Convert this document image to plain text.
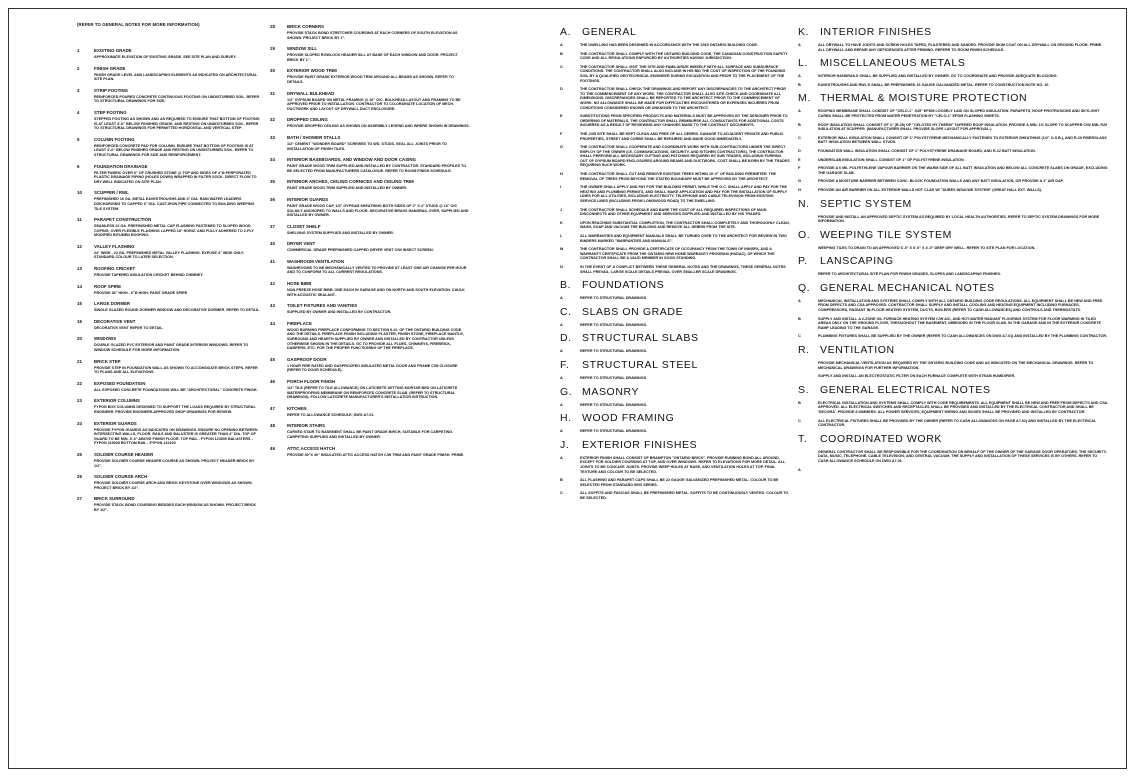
(REFER TO GENERAL NOTES FOR MORE INFORMATION)
1	EXISTING GRADE
APPROXIMATE ELEVATION OF EXISTING GRADE. SEE SITE PLAN AND SURVEY.
2	FINISH GRADE
FINISH GRADE LEVEL AND LANDSCAPING ELEMENTS AS INDICATED ON ARCHITECTURAL SITE PLAN.
3	STRIP FOOTING
REINFORCED POURED CONCRETE CONTINUOUS FOOTING ON UNDISTURBED SOIL. REFER TO STRUCTURAL DRAWINGS FOR SIZE.
4	STEP FOOTING
STEPPED FOOTING AS SHOWN AND AS REQUIRED TO ENSURE THAT BOTTOM OF FOOTING IS AT LEAST 4'-0" BELOW FINISHED GRADE, AND RESTING ON UNDISTURBED SOIL. REFER TO STRUCTURAL DRAWINGS FOR PERMITTED HORIZONTAL AND VERTICAL STEP.
5	COLUMN FOOTING
REINFORCED CONCRETE PAD FOR COLUMN. ENSURE THAT BOTTOM OF FOOTING IS AT LEAST 4'-0" BELOW FINISHED GRADE AND RESTING ON UNDISTURBED SOIL. REFER TO STRUCTURAL DRAWINGS FOR SIZE AND REINFORCEMENT.
6	FOUNDATION DRAINAGE
FILTER FABRIC OVER 6" OF CRUSHED STONE @ TOP AND SIDES OF 4"Ø PERFORATED PLASTIC DRAINAGE PIPING (HOLES DOWN) WRAPPED IN FILTER SOCK. DIRECT FLOW TO DRY WELL INDICATED ON SITE PLAN.
10	SCUPPER / RWL
PREFINISHED 16 GA. METAL EAVESTROUGHS AND 4" DIA. RAIN WATER LEADERS DISCHARGING TO CAPPED 6" DIA. CAST-IRON PIPE CONNECTED TO BUILDING WEEPING TILE SYSTEM.
11	PARAPET CONSTRUCTION
SEAMLESS 22 GA. PREFINISHED METAL CAP FLASHING FASTENED TO SLOPED WOOD COPING, OVER FLEXIBLE FLASHING LAPPED 18" HORIZ. AND FULLY ADHERED TO 2-PLY MODIFIED BITUMEN ROOFING.
12	VALLEY FLASHING
24" WIDE - 22 GA. PREFINISHED METAL VALLEY FLASHING. EXPOSE 4" WIDE ONLY. STANDARD COLOUR TO LATER SELECTION.
13	ROOFING CRICKET
PROVIDE TAPERED INSULATION CRICKET BEHIND CHIMNEY.
14	ROOF SPIRE
PROVIDE 36" HIGH - 6"Ø HIGH, PAINT GRADE SPIRE
15	LARGE DORMER
SINGLE GLAZED ROUND DORMER WINDOW AND DECORATIVE DORMER. REFER TO DETAIL.
16	DECORATIVE VENT
DECORATIVE VENT REFER TO DETAIL.
20	WINDOWS
DOUBLE GLAZED PVC EXTERIOR AND PAINT GRADE INTERIOR WINDOWS. REFER TO WINDOW SCHEDULE FOR MORE INFORMATION.
21	BRICK STEP
PROVIDE STEP IN FOUNDATION WALL AS SHOWN TO ACCOMODATE BRICK STEPS. REFER TO PLANS AND ALL ELEVATIONS.
22	EXPOSED FOUNDATION
ALL EXPOSED CONCRETE FOUNDATIONS WILL BE "ARCHITECTURAL" CONCRETE FINISH.
23	EXTERIOR COLUMNS
FYPON BOX COLUMNS DESIGNED TO SUPPORT THE LOADS REQUIRED BY STRUCTURAL ENGINEER. PROVIDE ENGINEER-APPROVED SHOP DRAWINGS FOR REVIEW.
24	EXTERIOR GUARDS
PROVIDE FYPON GUARDS AS INDICATED ON DRAWINGS. ENSURE NO OPENING BETWEEN INTERSECTING WALLS, FLOOR, RAILS AND BALUSTER IS GREATER THAN 4" DIA. TOP OF GUARD TO BE MIN. 3'-6" ABOVE FINISH FLOOR. TOP RAIL - FYPON 124000 BALUSTERS - FYPON 119928 BOTTOM RAIL - FYPON 124100
25	SOLDIER COURSE HEADER
PROVIDE SOLDIER COURSE HEADER COURSE AS SHOWN. PROJECT HEADER BRICK BY 1/2".
26	SOLDIER COURSE ARCH
PROVIDE SOLDIER COURSE ARCH AND BRICK KEYSTONE OVER WINDOWS AS SHOWN. PROJECT BRICK BY 1/2".
27	BRICK SURROUND
PROVIDE STACK BOND COURSING BESIDES EACH WINDOW AS SHOWN. PROJECT BRICK BY 1/2".
28	BRICK CORNERS
PROVIDE STACK BOND STRETCHER COURSING AT EACH CORNERS OF SOUTH ELEVATION AS SHOWN. PROJECT BRICK BY 1".
29	WINDOW SILL
PROVIDE SLOPED ROWLOCK HEADER SILL AT BASE OF EACH WINDOW AND DOOR. PROJECT BRICK BY 1".
30	EXTERIOR WOOD TRIM
PROVIDE PAINT GRADE EXTERIOR WOOD TRIM AROUND ALL BEAMS AS SHOWN. REFER TO DETAILS.
31	DRYWALL BULKHEAD
1/2" GYPSUM BOARD ON METAL FRAMING @ 16" O/C. BULKHEAD LAYOUT AND FRAMING TO BE APPROVED PRIOR TO INSTALLATION. CONTRACTOR TO CO-ORDINATE LOCATION OF MECH. DUCTWORK AND LAYOUT OF DRYWALL DUCT ENCLOSURE.
32	DROPPED CEILING
PROVIDE DROPPED CEILING AS SHOWN ON ASSEMBLY LEGEND AND WHERE SHOWN IN DRAWINGS.
33	BATH / SHOWER STALLS
1/2" CEMENT "WONDER BOARD" SCREWED TO WD. STUDS. SEAL ALL JOINTS PRIOR TO INSTALLATION OF FINISH TILES.
34	INTERIOR BASEBOARDS, AND WINDOW AND DOOR CASING
PAINT GRADE WOOD TRIM SUPPLIED AND INSTALLED BY CONTRACTOR. STANDARD PROFILES TO BE SELECTED FROM MANUFACTURERS CATALOGUE. REFER TO ROOM FINISH SCHEDULE.
35	INTERIOR ARCHES, CEILING CORNICES AND CEILING TRIM
PAINT GRADE WOOD TRIM SUPPLIED AND INSTALLED BY OWNER.
36	INTERIOR GUARDS
PAINT GRADE WOOD CAP, 1/2" GYPSUM SHEATHING BOTH SIDES OF 2" X 4" STUDS @ 16" O/C SOLIDLY ANCHORED TO WALLS AND FLOOR. DECORATIVE BRASS HANDRAIL OVER, SUPPLIED AND INSTALLED BY OWNER.
37	CLOSET SHELF
SHELVING SYSTEM SUPPLIED AND INSTALLED BY OWNER.
40	DRYER VENT
COMMERCIAL GRADE PREFINISHED CAPPED DRYER VENT C/W INSECT SCREEN.
41	WASHROOM VENTILATION
WASHROOMS TO BE MECHANICALLY VENTED TO PROVIDE AT LEAST ONE AIR CHANGE PER HOUR AND TO CONFORM TO ALL CURRENT REGULATIONS.
42	HOSE BIBB
NON-FREEZE HOSE BIBB. ONE EACH IN GARAGE AND ON NORTH AND SOUTH ELEVATION. CAULK WITH ACOUSTIC SEALANT.
43	TOILET FIXTURES AND VANITIES
SUPPLIED BY OWNER AND INSTALLED BY CONTRACTOR.
44	FIREPLACE
WOOD BURNING FIREPLACE CONFORMING TO SECTION 9.22. OF THE ONTARIO BUILDING CODE AND THE DETAILS. FIREPLACE FINISH INCLUDING PLASTER, FINISH STONE, FIREPLACE MANTLE, SURROUND AND HEARTH SUPPLIED BY OWNER AND INSTALLED BY CONTRACTOR UNLESS OTHERWISE SHOWN IN THE DETAILS. GC TO PROVIDE ALL FLUES, CHIMNEYS, FIREBRICK, DAMPERS, ETC. FOR THE PROPER FUNCTIONING OF THE FIREPLACE.
45	GASPROOF DOOR
1 HOUR FIRE RATED AND GASPROOFED INSULATED METAL DOOR AND FRAME C/W CLOSURE (REFER TO DOOR SCHEDULE).
46	PORCH FLOOR FINISH
1/2" TILE (REFER TO TILE ALLOWANCE) ON LATICRETE SETTING MORTAR BED ON LATICRETE WATERPROOFING MEMBRANE ON REINFORCED CONCRETE SLAB. (REFER TO STRUCTURAL DRAWINGS). FOLLOW LATICRETE MANUFACTURER'S INSTALLATION INSTRUCTION.
47	KITCHEN
REFER TO ALLOWANCE SCHEDULE, DWG A7.01.
48	INTERIOR STAIRS
CURVED STAIR TO BASEMENT SHALL BE PAINT GRADE BIRCH, SUITABLE FOR CARPETING. CARPETING SUPPLIED AND INSTALLED BY OWNER.
49	ATTIC ACCESS HATCH
PROVIDE 30"X 30" INSULATED ATTIC ACCESS HATCH C/W TRIM AND PAINT GRADE FINISH. PRIME.
A. GENERAL
A	THE DWELLING HAS BEEN DESIGNED IN ACCORDANCE WITH THE 2015 ONTARIO BUILDING CODE.
B	THE CONTRACTOR SHALL COMPLY WITH THE ONTARIO BUILDING CODE, THE CANADIAN CONSTRUCTION SAFETY CODE AND ALL REGULATIONS ENFORCED BY AUTHORITIES HAVING JURISDICTION.
C	THE CONTRACTOR SHALL VISIT THE SITE AND FAMILIARIZE HIMSELF WITH ALL SURFACE AND SUBSURFACE CONDITIONS. THE CONTRACTOR SHALL ALSO INCLUDE IN HIS BID THE COST OF INSPECTION OF THE FOUNDING SOIL BY A QUALIFIED GEOTECHNICAL ENGINEER DURING EXCAVATION AND PRIOR TO THE PLACEMENT OF THE FOOTINGS.
D	THE CONTRACTOR SHALL CHECK THE DRAWINGS AND REPORT ANY DISCREPANCIES TO THE ARCHITECT PRIOR TO THE COMMENCEMENT OF ANY WORK. THE CONTRACTOR SHALL ALSO SITE CHECK AND COORDINATE ALL DIMENSIONS. DISCREPANCIES SHALL BE REPORTED TO THE ARCHITECT PRIOR TO THE COMMENCEMENT OF WORK. NO ALLOWANCE SHALL BE MADE FOR DIFFICULTIES ENCOUNTERED OR EXPENSES INCURRED FROM CONDITIONS CONSIDERED KNOWN OR UNKNOWN TO THE ARCHITECT.
E	SUBSTITUTIONS FROM SPECIFIED PRODUCTS AND MATERIALS MUST BE APPROVED BY THE DESIGNER PRIOR TO ORDERING OF MATERIALS. THE CONTRACTOR SHALL REIMBURSE ALL CONSULTANTS FOR ADDITIONAL COSTS INCURRED AS A RESULT OF REVIEWING ANY CHANGES MADE TO THE CONTRACT DOCUMENTS.
F	THE JOB SITE SHALL BE KEPT CLEAN AND FREE OF ALL DEBRIS. DAMAGE TO ADJACENT PRIVATE AND PUBLIC PROPERTIES, STREET AND CURBS SHALL BE REPAIRED AND MADE GOOD IMMEDIATELY.
G	THE CONTRACTOR SHALL COOPERATE AND COORDINATE WORK WITH SUB-CONTRACTORS UNDER THE DIRECT EMPLOY OF THE OWNER (I.E. COMMUNICATIONS, SECURITY, AND KITCHEN CONTRACTORS). THE CONTRACTOR SHALL PERFORM ALL NECESSARY CUTTING AND PATCHING REQUIRED BY SUB TRADES, INCLUDING FURRING OUT OF GYPSUM BOARD ENCLOSURES AROUND BEAMS AND DUCTWORK. COST SHALL BE BORN BY THE TRADES REQUIRING SUCH WORK.
H	THE CONTRACTOR SHALL CUT AND REMOVE EXISTING TREES WITHIN 10'-0" OF BUILDING PERIMETER. THE REMOVAL OF TREES FROM BEYOND THE STATED BOUNDARY MUST BE APPROVED BY THE ARCHITECT.
I	THE OWNER SHALL APPLY AND PAY FOR THE BUILDING PERMIT, WHILE THE G.C. SHALL APPLY AND PAY FOR THE HEATING AND PLUMBING PERMITS, AND SHALL MAKE APPLICATION AND PAY FOR THE INSTALLATION OF SUPPLY LINES FOR ALL UTILITIES, INCLUDING ELECTRICITY, TELEPHONE AND CABLE TELEVISION FROM EXISTING SERVICE LINES (INCLUDING FROM LONGWOOD ROAD) TO THE DWELLING.
J	THE CONTRACTOR SHALL SCHEDULE AND BARE THE COST OF ALL REQUIRED INSPECTIONS OF MAIN DISCONNECTS AND OTHER EQUIPMENT AND SERVICES SUPPLIED AND INSTALLED BY HIS TRADES.
K	UPON REACHING SUBSTANTIAL COMPLETION, THE CONTRACTOR SHALL COMPLETELY AND THOROUGHLY CLEAN, WASH, SOAP AND VACUUM THE BUILDING AND REMOVE ALL DEBRIS FROM THE SITE.
L	ALL WARRANTIES AND EQUIPMENT MANUALS SHALL BE TURNED OVER TO THE ARCHITECT FOR REVIEW IN TWO BINDERS MARKED "WARRANTIES AND MANUALS".
M	THE CONTRACTOR SHALL PROVIDE A CERTIFICATE OF OCCUPANCY FROM THE TOWN OF INNISFIL AND A WARRANTY CERTIFICATE FROM THE ONTARIO NEW HOME WARRANTY PROGRAM (HUDAC), OF WHICH THE CONTRACTOR SHALL BE A VALID MEMBER IN GOOD STANDING.
N	IN THE EVENT OF A CONFLICT BETWEEN THESE GENERAL NOTES AND THE DRAWINGS, THESE GENERAL NOTES SHALL PREVAIL. LARGE SCALE DETAILS PREVAIL OVER SMALLER SCALE DRAWINGS.
B. FOUNDATIONS
A	REFER TO STRUCTURAL DRAWINGS.
C. SLABS ON GRADE
A	REFER TO STRUCTURAL DRAWINGS.
D. STRUCTURAL SLABS
A	REFER TO STRUCTURAL DRAWINGS.
F. STRUCTURAL STEEL
A	REFER TO STRUCTURAL DRAWINGS.
G. MASONRY
A	REFER TO STRUCTURAL DRAWINGS.
H. WOOD FRAMING
A	REFER TO STRUCTURAL DRAWINGS.
J. EXTERIOR FINISHES
A	EXTERIOR FINISH SHALL CONSIST OF BRAMPTON "ONTARIO BRICK". PROVIDE RUNNING BOND ALL AROUND, EXCEPT FOR SOLDIER COURSING AT TOP, AND OVER WINDOWS. REFER TO ELEVATIONS FOR MORE DETAIL. ALL JOINTS TO BE CONCAVE JOINTS. PROVIDE WEEP HOLES AT BASE, AND VENTILATION HOLES AT TOP. FINAL TEXTURE AND COLOUR TO BE SELECTED.
B	ALL FLASHING AND PARAPET CAPS SHALL BE 22 GAUGE GALVANIZED PREFINISHED METAL. COLOUR TO BE SELECTED FROM STANDARD 5000 SERIES.
C	ALL SOFFITS AND FASCIAS SHALL BE PREFINISHED METAL. SOFFITS TO BE CONTINUOUSLY VENTED. COLOUR TO BE SELECTED.
K. INTERIOR FINISHES
A	ALL DRYWALL TO HAVE JOINTS AND SCREW HOLES TAPED, PLASTERED AND SANDED. PROVIDE SKIM COAT ON ALL DRYWALL ON GROUND FLOOR. PRIME ALL DRYWALL AND REPAIR ANY DEFICIENCIES AFTER PRIMING. REFERR TO ROOM FINISH SCHEDULE.
L. MISCELLANEOUS METALS
A	INTERIOR HANDRAILS SHALL BE SUPPLIED AND INSTALLED BY OWNER. GC TO COORDINATE AND PROVIDE ADEQUATE BLOCKING.
B	EAVESTROUGHS AND RWL'S SHALL BE PREFINISHED 16 GAUGE GALVANIZED METAL. REFER TO CONSTRUCTION NOTE NO. 10.
M. THERMAL & MOISTURE PROTECTION
A	ROOFING MEMBRANE SHALL CONSIST OF "CELO-1" .045" EPDM LOOSELY LAID ON SLOPED INSULATION. PARAPETS, ROOF PROTRUSIONS AND SKYLIGHT CURBS SHALL BE PROTECTED FROM WATER PENETRATION BY "CELO-1" EPDM FLASHING SHEETS.
B	ROOF INSULATION SHALL CONSIST OF 4" (R-28) OF "CELOTEX HY-THERM" TAPERED ROOF INSULATION. PROVIDE A MIN. 1% SLOPE TO SCUPPER C/W MIN. R20 INSULATION AT SCUPPER. (MANUFACTURER SHALL PROVIDE SLOPE LAYOUT FOR APPROVAL.)
C	EXTERIOR WALL INSULATION SHALL CONSIST OF 1" POLYSTYRENE MECHANICALLY FASTENED TO EXTERIOR SHEATHING (1/2" O.S.B.), AND R-20 FIBERGLASS BATT INSULATION BETWEEN WALL STUDS.
D	FOUNDATION WALL INSULATION SHALL CONSIST OF 1" POLYSTYRENE DRAINAGE BOARD, AND R-12 BATT INSULATION.
E	UNDERSLAB INSULATION SHALL CONSIST OF 1" OF POLYSTYRENE INSULATION .
F	PROVIDE A 6 MIL POLYETHLENE VAPOUR BARRIER ON THE WARM SIDE OF ALL BATT INSULATION AND BELOW ALL CONCRETE SLABS ON GRADE, EXCLUDING THE GARAGE SLAB.
G	PROVIDE A MOISTURE BARRIER BETWEEN CONC. BLOCK FOUNDATION WALLS AND ANY BATT INSULATION, OR PROVIDE A 1" AIR GAP.
H	PROVIDE AN AIR BARRIER ON ALL EXTERIOR WALLS NOT CLAD W/ "DUREX INSULWE SYSTEM" (GREAT HALL EXT. WALLS).
N. SEPTIC SYSTEM
PROVIDE AND INSTALL AN APPROVED SEPTIC SYSTEM AS REQUIRED BY LOCAL HEALTH AUTHORITIES. REFER TO SEPTIC SYSTEM DRAWINGS FOR MORE INFORMATION.
O. WEEPING TILE SYSTEM
WEEPING TILES TO DRAIN TO AN APPROVED 6'-0" X 6'-0" X 4'-0" DEEP DRY WELL. REFER TO SITE PLAN FOR LOCATION.
P. LANSCAPING
REFER TO ARCHITECTURAL SITE PLAN FOR FINISH GRADES, SLOPES AND LANDSCAPING FINISHES.
Q. GENERAL MECHANICAL NOTES
A	MECHANICAL INSTALLATION AND SYSTEMS SHALL COMPLY WITH ALL ONTARIO BUILDING CODE REGULATIONS. ALL EQUIPMENT SHALL BE NEW AND FREE FROM DEFECTS AND CSA APPROVED. CONTRACTOR SHALL SUPPLY AND INSTALL COOLING AND HEATING EQUIPMENT INCLUDING FURNACES, COMPRESSORS, RADIANT IN-FLOOR HEATING SYSTEM, DUCTS, BOILERS (REFER TO CASH ALLOWANCES) AND CONTROLS AND THERMOSTATS.
B	SUPPLY AND INSTALL A 2-ZONE OIL FURNACE HEATING SYSTEM C/W A/C, AND HOT-WATER RADIANT FLOORING SYSTEM FOR FLOOR WARMING IN TILED AREAS ONLY ON THE GROUND FLOOR, THROUGHOUT THE BASEMENT, IMBEDDED IN THE FLOOR SLAB, IN THE GARAGE AND IN THE EXTERIOR CONCRETE RAMP LEADING TO THE GARAGE.
C	PLUMBING FIXTURES SHALL BE SUPPLIED BY THE OWNER (REFER TO CASH ALLOWANCES ON DWG A7.01) AND INSTALLED BY THE PLUMBING CONTRACTOR.
R. VENTILATION
PROVIDE MECHANICAL VENTILATION AS REQUIRED BY THE ONTARIO BUILDING CODE AND AS INDICATED ON THE MECHANICAL DRAWINGS. REFER TO MECHANICAL DRAWINGS FOR FURTHER INFORMATION.
SUPPLY AND INSTALL AN ELECTROSTATIC FILTER ON EACH FURNACE COMPLETE WITH STEAM HUMIDIFIER.
S. GENERAL ELECTRICAL NOTES
B	ELECTRICAL INSTALLATION AND SYSTEMS SHALL COMPLY WITH CODE REQUIREMENTS. ALL EQUIPMENT SHALL BE NEW AND FREE FROM DEFECTS AND CSA APPROVED. ALL ELECTRICAL SWITCHES AND RECEPTACLES SHALL BE PROVIDED AND INSTALLED BY THE ELECTRICAL CONTRACTOR AND SHALL BE 'DECORA'. PROVIDE 8 DIMMERS. ALL POWER SERVICES, EQUIPMENT WIRING AND BOXES SHALL BE PROVIDED AND INSTALLED BY CONTRACTOR.
C	ALL ELECTRICAL FIXTURES SHALL BE PROVIDED BY THE OWNER (REFER TO CASH ALLOWANCES ON PAGE A7.01) AND INSTALLED BY THE ELECTRICAL CONTRACTOR.
T. COORDINATED WORK
GENERAL CONTRACTOR SHALL BE RESPONSIBLE FOR THE COORDINATION ON BEHALF OF THE OWNER OF THE GARAGE DOOR OPERATORS, THE SECURITY, DATA, MUSIC, TELEPHONE, CABLE TELEVISION, AND CENTRAL VACUUM. THE SUPPLY AND INSTALLATION OF THESE SERVICES IS BY OTHERS. REFER TO CASH ALLOWANCE SCHEDULE ON DWG A7.01.
A
